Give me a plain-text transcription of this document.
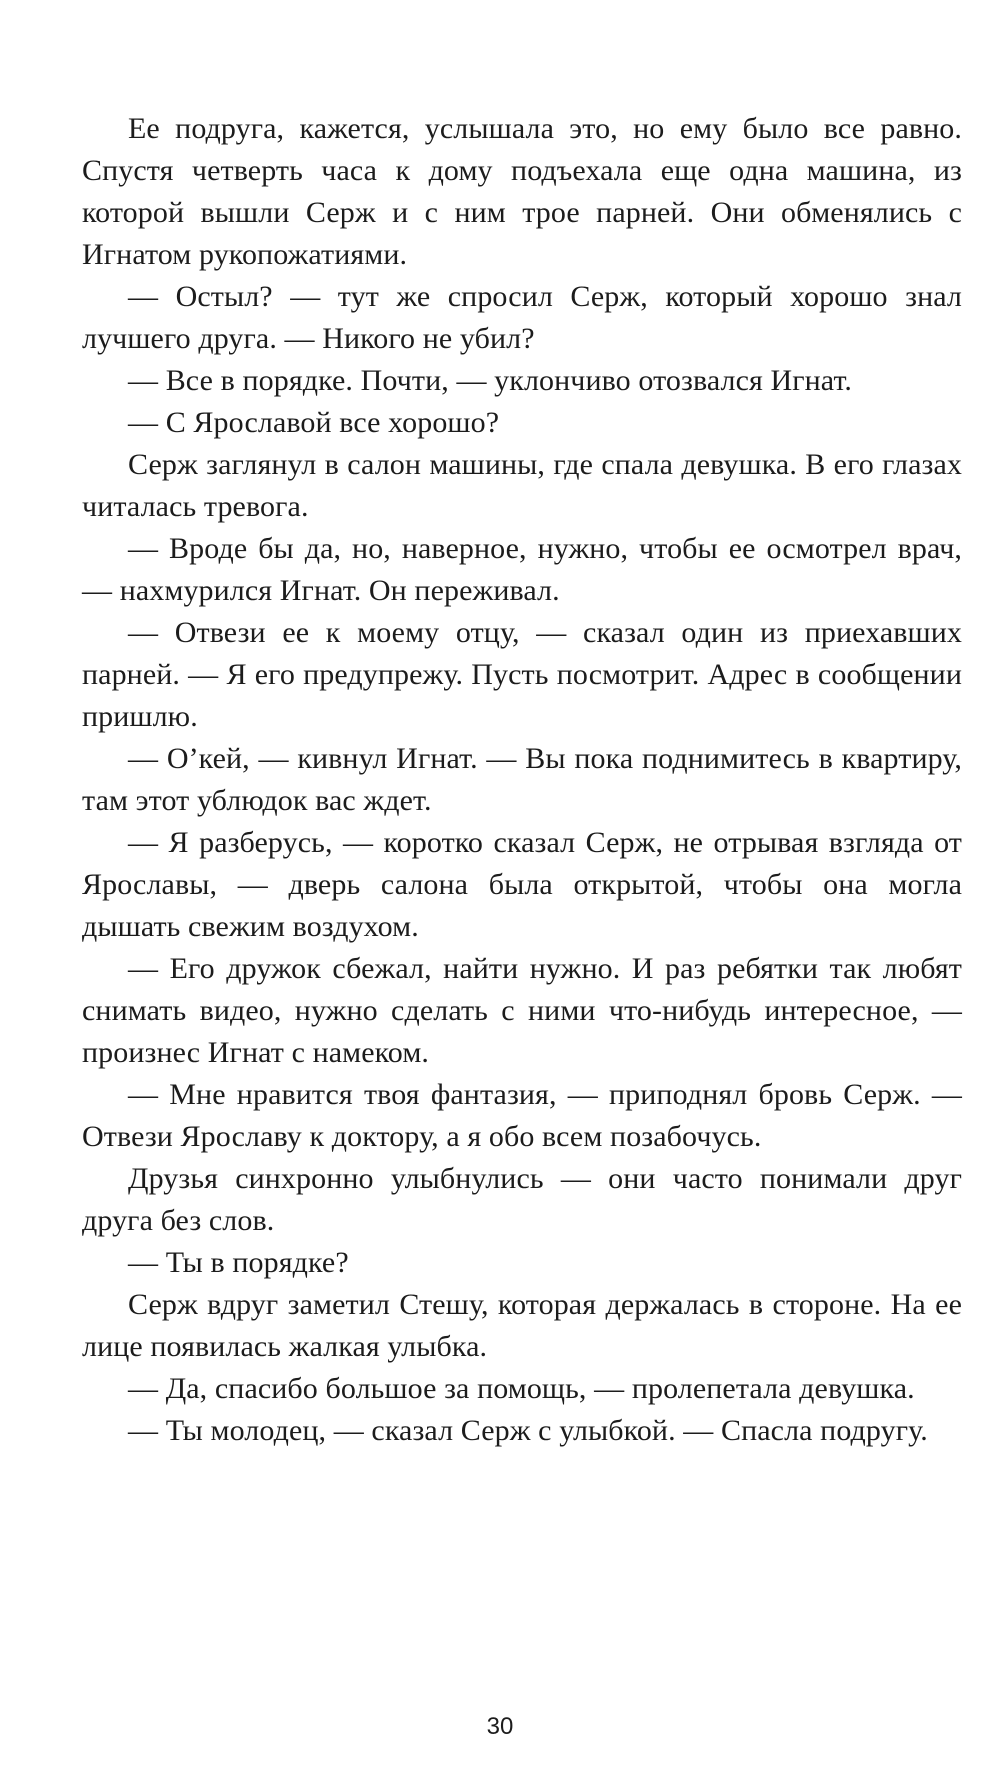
Ее подруга, кажется, услышала это, но ему было все равно. Спустя четверть часа к дому подъехала еще одна машина, из которой вышли Серж и с ним трое парней. Они обменялись с Игнатом рукопожатиями.

— Остыл? — тут же спросил Серж, который хорошо знал лучшего друга. — Никого не убил?

— Все в порядке. Почти, — уклончиво отозвался Игнат.

— С Ярославой все хорошо?

Серж заглянул в салон машины, где спала девушка. В его глазах читалась тревога.

— Вроде бы да, но, наверное, нужно, чтобы ее осмотрел врач, — нахмурился Игнат. Он переживал.

— Отвези ее к моему отцу, — сказал один из приехавших парней. — Я его предупрежу. Пусть посмотрит. Адрес в сообщении пришлю.

— О’кей, — кивнул Игнат. — Вы пока поднимитесь в квартиру, там этот ублюдок вас ждет.

— Я разберусь, — коротко сказал Серж, не отрывая взгляда от Ярославы, — дверь салона была открытой, чтобы она могла дышать свежим воздухом.

— Его дружок сбежал, найти нужно. И раз ребятки так любят снимать видео, нужно сделать с ними что-нибудь интересное, — произнес Игнат с намеком.

— Мне нравится твоя фантазия, — приподнял бровь Серж. — Отвези Ярославу к доктору, а я обо всем позабочусь.

Друзья синхронно улыбнулись — они часто понимали друг друга без слов.

— Ты в порядке?

Серж вдруг заметил Стешу, которая держалась в стороне. На ее лице появилась жалкая улыбка.

— Да, спасибо большое за помощь, — пролепетала девушка.

— Ты молодец, — сказал Серж с улыбкой. — Спасла подругу.

30
